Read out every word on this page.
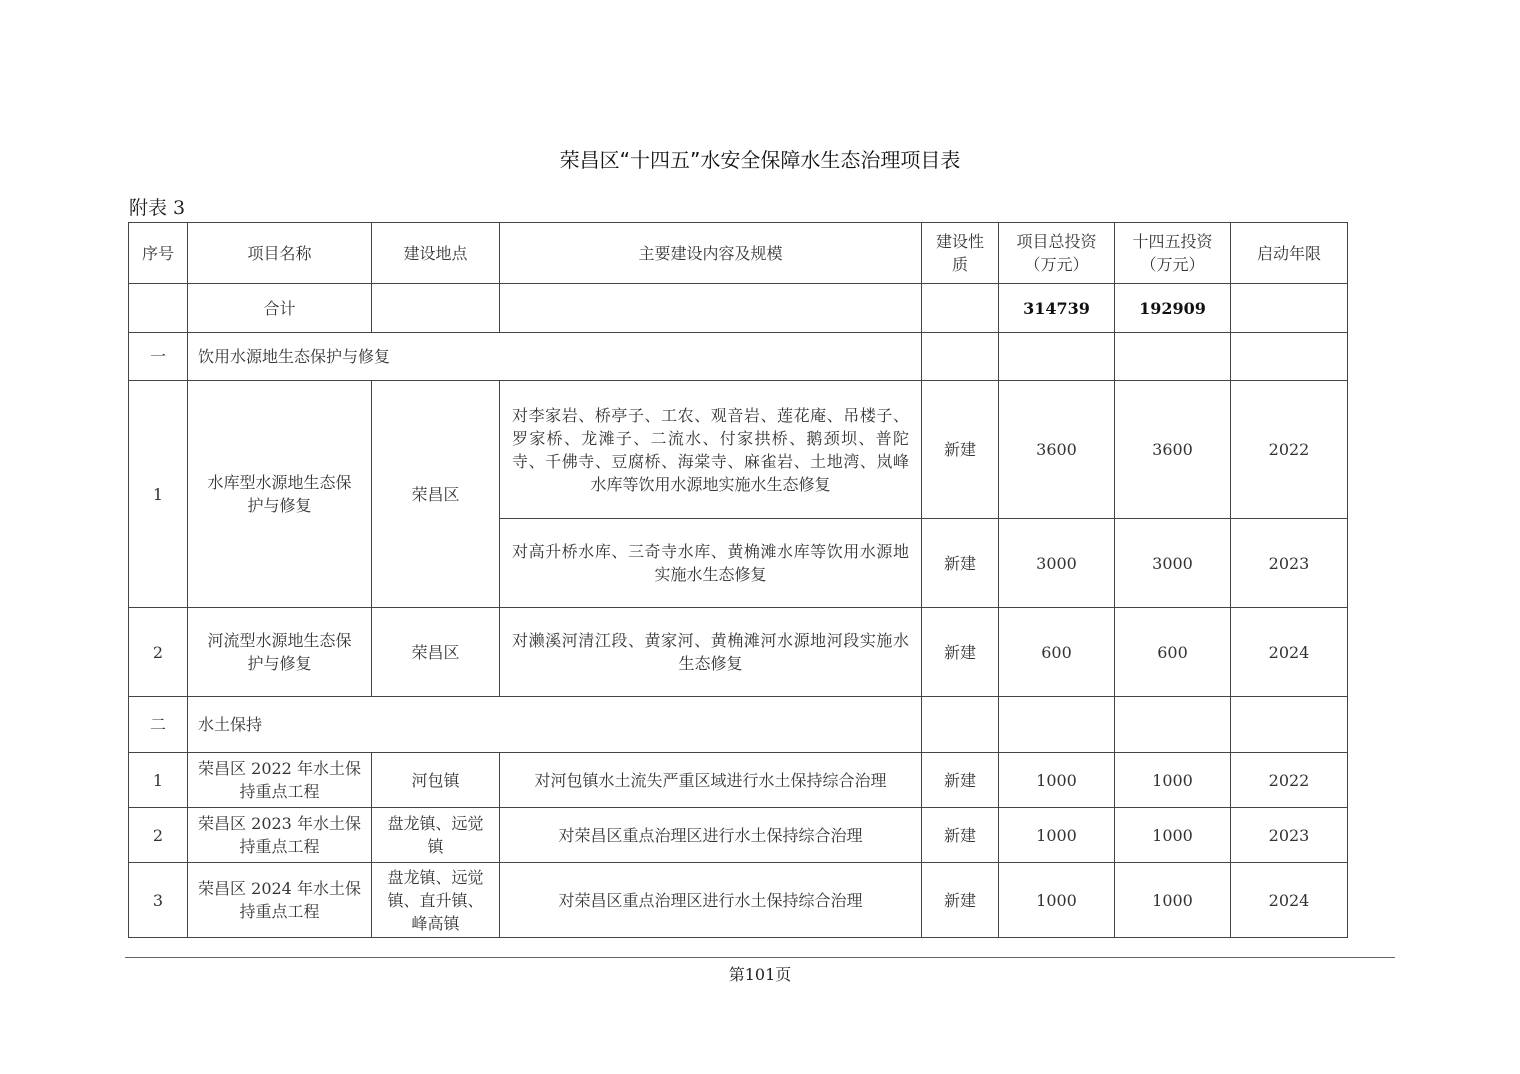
荣昌区“十四五”水安全保障水生态治理项目表
附表 3
序号	项目名称	建设地点	主要建设内容及规模	建设性质	项目总投资（万元）	十四五投资（万元）	启动年限
	合计				314739	192909	
一	饮用水源地生态保护与修复						
1	水库型水源地生态保护与修复	荣昌区	对李家岩、桥亭子、工农、观音岩、莲花庵、吊楼子、罗家桥、龙滩子、二流水、付家拱桥、鹅颈坝、普陀寺、千佛寺、豆腐桥、海棠寺、麻雀岩、土地湾、岚峰水库等饮用水源地实施水生态修复	新建	3600	3600	2022
			对高升桥水库、三奇寺水库、黄桷滩水库等饮用水源地实施水生态修复	新建	3000	3000	2023
2	河流型水源地生态保护与修复	荣昌区	对濑溪河清江段、黄家河、黄桷滩河水源地河段实施水生态修复	新建	600	600	2024
二	水土保持						
1	荣昌区 2022 年水土保持重点工程	河包镇	对河包镇水土流失严重区域进行水土保持综合治理	新建	1000	1000	2022
2	荣昌区 2023 年水土保持重点工程	盘龙镇、远觉镇	对荣昌区重点治理区进行水土保持综合治理	新建	1000	1000	2023
3	荣昌区 2024 年水土保持重点工程	盘龙镇、远觉镇、直升镇、峰高镇	对荣昌区重点治理区进行水土保持综合治理	新建	1000	1000	2024
第101页
